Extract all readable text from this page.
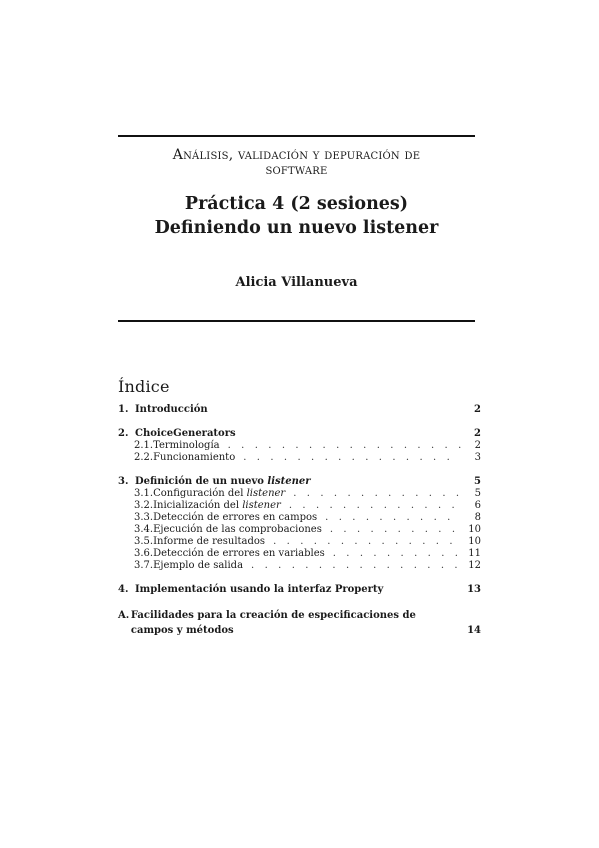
Análisis, validación y depuración de
software
Práctica 4 (2 sesiones)
Definiendo un nuevo listener
Alicia Villanueva
Índice
1. Introducción	2
2. ChoiceGenerators	2
2.1. Terminología . . .	2
2.2. Funcionamiento . . .	3
3. Definición de un nuevo listener	5
3.1. Configuración del listener . . .	5
3.2. Inicialización del listener . . .	6
3.3. Detección de errores en campos . . .	8
3.4. Ejecución de las comprobaciones . . .	10
3.5. Informe de resultados . . .	10
3.6. Detección de errores en variables . . .	11
3.7. Ejemplo de salida . . .	12
4. Implementación usando la interfaz Property	13
A. Facilidades para la creación de especificaciones de campos y métodos	14
